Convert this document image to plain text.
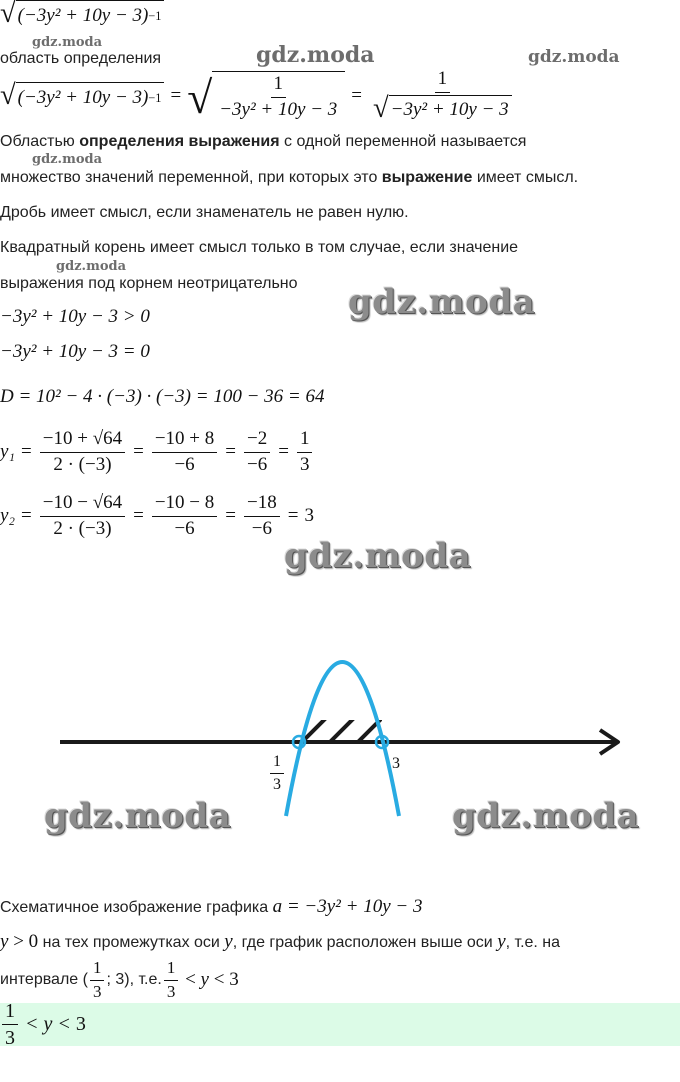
√ (−3y² + 10y − 3) −1
gdz.moda
область определения	gdz.moda	gdz.moda
√ (−3y² + 10y − 3) −1 = √ $\frac{1}{\text{−3y² + 10y − 3}} = \frac{1}{\text{√ −3y² + 10y − 3}}$
Областью определения выражения с одной переменной называется
gdz.moda
множество значений переменной, при которых это выражение имеет смысл.
Дробь имеет смысл, если знаменатель не равен нулю.
Квадратный корень имеет смысл только в том случае, если значение
gdz.moda
выражения под корнем неотрицательно gdz.moda
−3y² + 10y − 3 > 0
−3y² + 10y − 3 = 0
D = 10² − 4 · (−3) · (−3) = 100 − 36 = 64
$y_1 = \frac{-10 + √64}{2 \cdot (-3)} = \frac{-10 + 8}{-6} = \frac{-2}{-6} = \frac{1}{3}$
$y_2 = \frac{-10 - √64}{2 \cdot (-3)} = \frac{-10 - 8}{-6} = \frac{-18}{-6} = 3$
gdz.moda
$\frac{1}{3}$	3
gdz.moda	gdz.moda
Схематичное изображение графика a = −3y² + 10y − 3
y > 0 на тех промежутках оси y, где график расположен выше оси y, т.е. на
интервале ( $\frac{1}{3}$ ; 3), т.е. $\frac{1}{3} < y < 3$
$\frac{1}{3} < y < 3$
